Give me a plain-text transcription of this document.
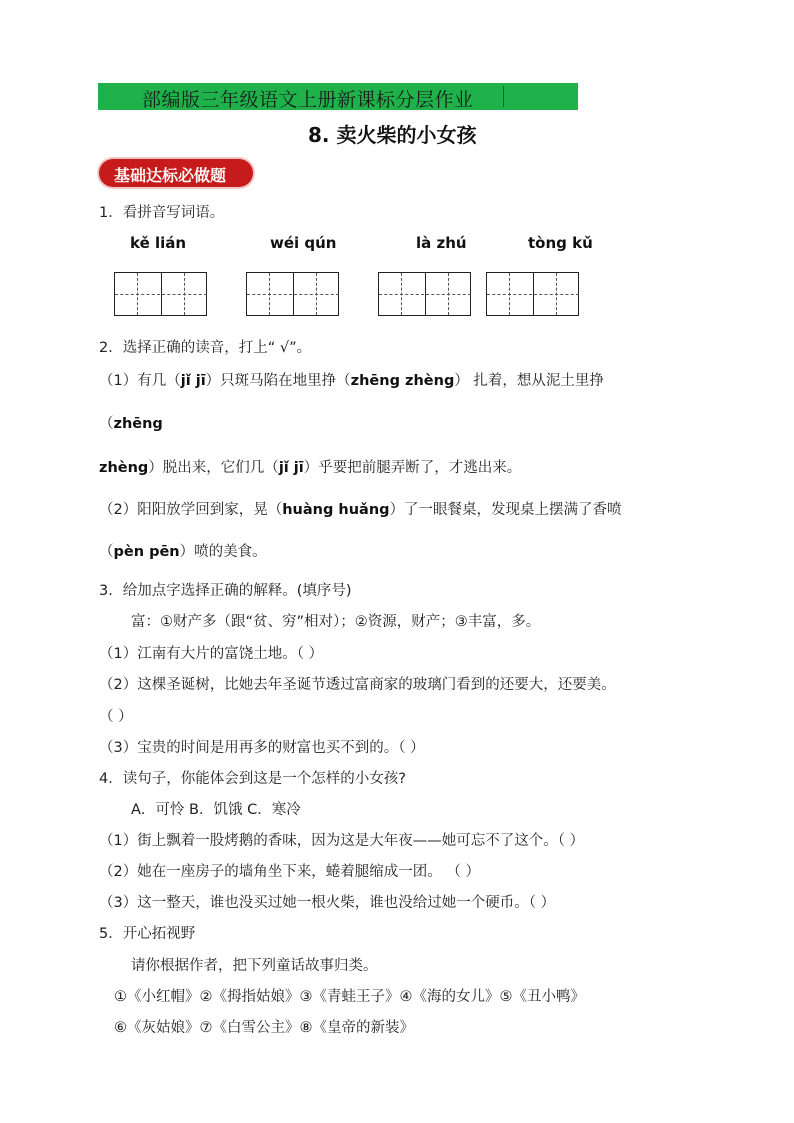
部编版三年级语文上册新课标分层作业
8. 卖火柴的小女孩
基础达标必做题
1．看拼音写词语。
kě lián	wéi qún	là zhú	tòng kǔ
2．选择正确的读音，打上“ √”。
（1）有几（jǐ jī）只斑马陷在地里挣（zhēng zhèng） 扎着，想从泥土里挣
（zhēng
zhèng）脱出来，它们几（jǐ jī）乎要把前腿弄断了，才逃出来。
（2）阳阳放学回到家，晃（huàng huǎng）了一眼餐桌，发现桌上摆满了香喷
（pèn pēn）喷的美食。
3．给加点字选择正确的解释。(填序号)
富：①财产多（跟“贫、穷”相对）；②资源，财产；③丰富，多。
（1）江南有大片的富饶土地。（ ）
（2）这棵圣诞树，比她去年圣诞节透过富商家的玻璃门看到的还要大，还要美。
（ ）
（3）宝贵的时间是用再多的财富也买不到的。（ ）
4．读句子，你能体会到这是一个怎样的小女孩?
A．可怜 B．饥饿 C．寒冷
（1）街上飘着一股烤鹅的香味，因为这是大年夜——她可忘不了这个。（ ）
（2）她在一座房子的墙角坐下来，蜷着腿缩成一团。 （ ）
（3）这一整天，谁也没买过她一根火柴，谁也没给过她一个硬币。（ ）
5．开心拓视野
请你根据作者，把下列童话故事归类。
①《小红帽》②《拇指姑娘》③《青蛙王子》④《海的女儿》⑤《丑小鸭》
⑥《灰姑娘》⑦《白雪公主》⑧《皇帝的新装》
